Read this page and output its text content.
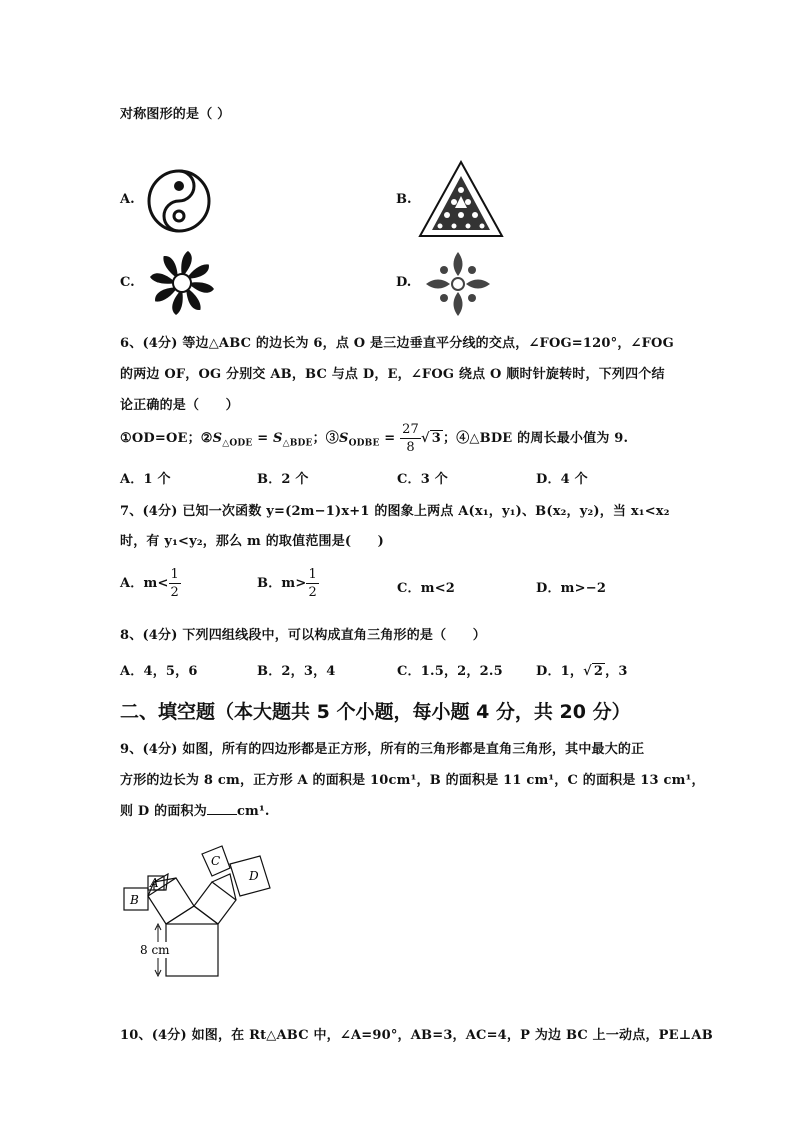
对称图形的是（ ）
A.	B.
C.	D.
6、(4分) 等边△ABC 的边长为 6，点 O 是三边垂直平分线的交点，∠FOG=120°，∠FOG
的两边 OF，OG 分别交 AB，BC 与点 D，E，∠FOG 绕点 O 顺时针旋转时，下列四个结
论正确的是（　　）
①OD=OE；$②S_{\triangle ODE} = S_{\triangle BDE}$；$③S_{ODBE} = \frac{27}{8}$ √ 3 ；④△BDE 的周长最小值为 9.
A．1 个	B．2 个	C．3 个	D．4 个
7、(4分) 已知一次函数 y=(2m−1)x+1 的图象上两点 A(x₁，y₁)、B(x₂，y₂)，当 x₁<x₂
时，有 y₁<y₂，那么 m 的取值范围是(　　)
A．$m< \frac{1}{2}$	B．$m> \frac{1}{2}$	C．m<2	D．m>−2
8、(4分) 下列四组线段中，可以构成直角三角形的是（　　）
A．4，5，6	B．2，3，4	C．1.5，2，2.5	D．1，√ 2 ，3
二、填空题（本大题共 5 个小题，每小题 4 分，共 20 分）
9、(4分) 如图，所有的四边形都是正方形，所有的三角形都是直角三角形，其中最大的正
方形的边长为 8 cm，正方形 A 的面积是 10cm¹，B 的面积是 11 cm¹，C 的面积是 13 cm¹，
则 D 的面积为 cm¹.
8 cm
A
B
C
D
10、(4分) 如图，在 Rt△ABC 中，∠A=90°，AB=3，AC=4，P 为边 BC 上一动点，PE⊥AB
